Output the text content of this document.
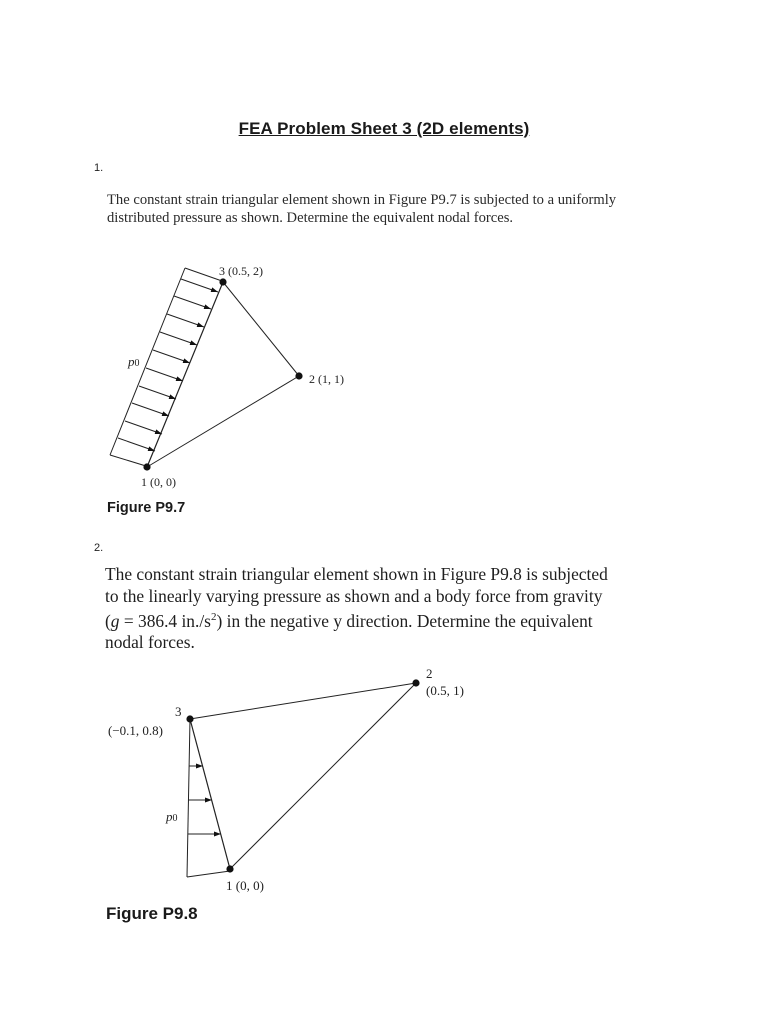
FEA Problem Sheet 3 (2D elements)
1.
The constant strain triangular element shown in Figure P9.7 is subjected to a uniformly distributed pressure as shown. Determine the equivalent nodal forces.
3 (0.5, 2)
2 (1, 1)
1 (0, 0)
p0
2
(0.5, 1)
3
(−0.1, 0.8)
1 (0, 0)
p0
Figure P9.7
2.
The constant strain triangular element shown in Figure P9.8 is subjected
to the linearly varying pressure as shown and a body force from gravity
(g = 386.4 $in./s^2$) in the negative y direction. Determine the equivalent
nodal forces.
Figure P9.8
